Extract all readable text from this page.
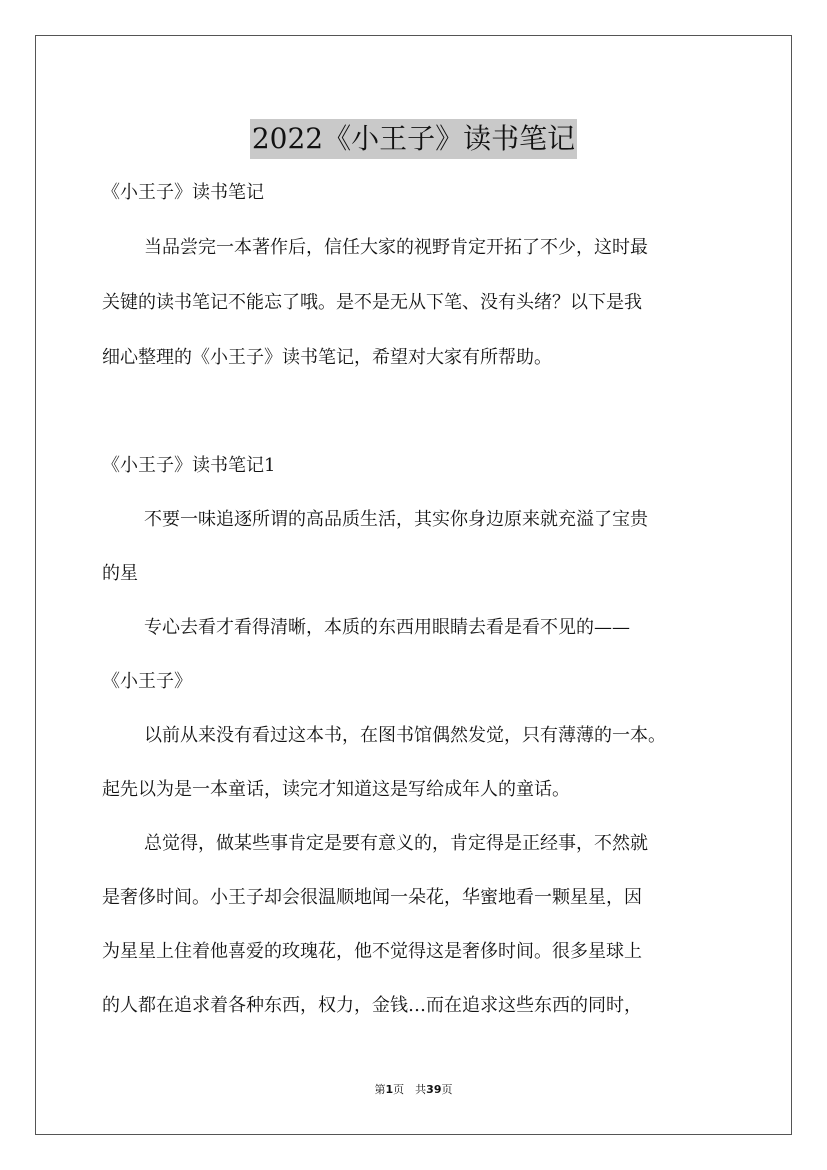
2022《小王子》读书笔记
《小王子》读书笔记
当品尝完一本著作后，信任大家的视野肯定开拓了不少，这时最
关键的读书笔记不能忘了哦。是不是无从下笔、没有头绪？以下是我
细心整理的《小王子》读书笔记，希望对大家有所帮助。
《小王子》读书笔记1
不要一味追逐所谓的高品质生活，其实你身边原来就充溢了宝贵
的星
专心去看才看得清晰，本质的东西用眼睛去看是看不见的——
《小王子》
以前从来没有看过这本书，在图书馆偶然发觉，只有薄薄的一本。
起先以为是一本童话，读完才知道这是写给成年人的童话。
总觉得，做某些事肯定是要有意义的，肯定得是正经事，不然就
是奢侈时间。小王子却会很温顺地闻一朵花，华蜜地看一颗星星，因
为星星上住着他喜爱的玫瑰花，他不觉得这是奢侈时间。很多星球上
的人都在追求着各种东西，权力，金钱…而在追求这些东西的同时，
第1页　共39页
